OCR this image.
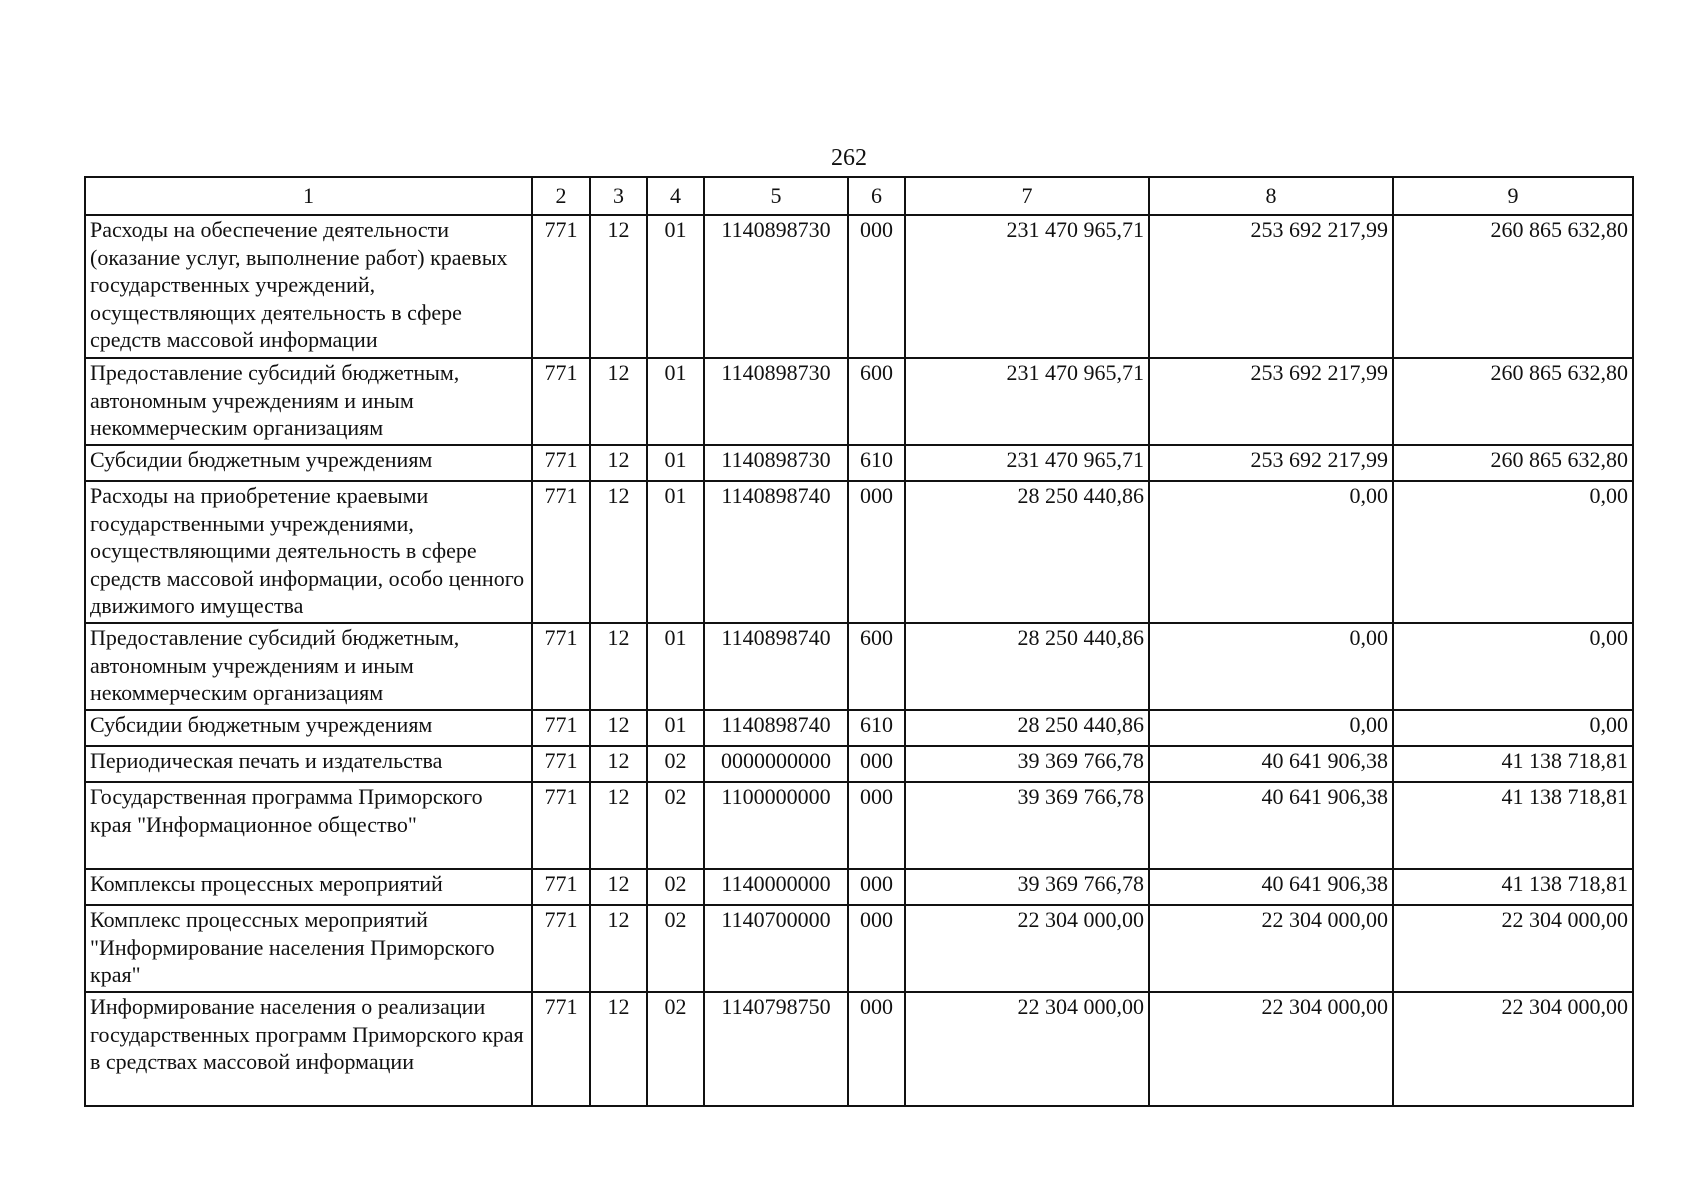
262
1	2	3	4	5	6	7	8	9
Расходы на обеспечение деятельности (оказание услуг, выполнение работ) краевых государственных учреждений, осуществляющих деятельность в сфере средств массовой информации	771	12	01	1140898730	000	231 470 965,71	253 692 217,99	260 865 632,80
Предоставление субсидий бюджетным, автономным учреждениям и иным некоммерческим организациям	771	12	01	1140898730	600	231 470 965,71	253 692 217,99	260 865 632,80
Субсидии бюджетным учреждениям	771	12	01	1140898730	610	231 470 965,71	253 692 217,99	260 865 632,80
Расходы на приобретение краевыми государственными учреждениями, осуществляющими деятельность в сфере средств массовой информации, особо ценного движимого имущества	771	12	01	1140898740	000	28 250 440,86	0,00	0,00
Предоставление субсидий бюджетным, автономным учреждениям и иным некоммерческим организациям	771	12	01	1140898740	600	28 250 440,86	0,00	0,00
Субсидии бюджетным учреждениям	771	12	01	1140898740	610	28 250 440,86	0,00	0,00
Периодическая печать и издательства	771	12	02	0000000000	000	39 369 766,78	40 641 906,38	41 138 718,81
Государственная программа Приморского края "Информационное общество"	771	12	02	1100000000	000	39 369 766,78	40 641 906,38	41 138 718,81
Комплексы процессных мероприятий	771	12	02	1140000000	000	39 369 766,78	40 641 906,38	41 138 718,81
Комплекс процессных мероприятий "Информирование населения Приморского края"	771	12	02	1140700000	000	22 304 000,00	22 304 000,00	22 304 000,00
Информирование населения о реализации государственных программ Приморского края в средствах массовой информации	771	12	02	1140798750	000	22 304 000,00	22 304 000,00	22 304 000,00
